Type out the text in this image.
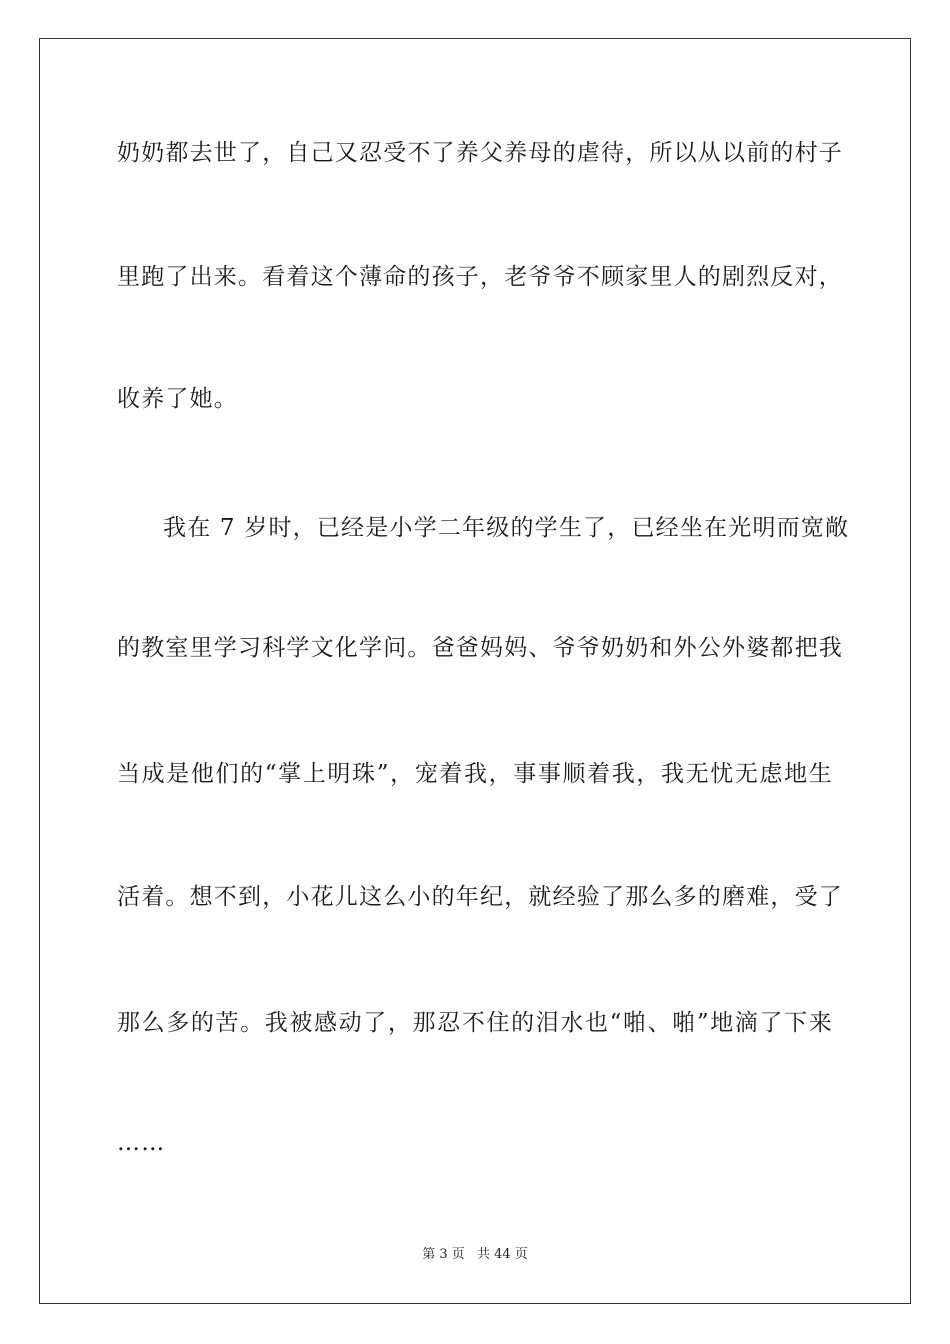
奶奶都去世了，自己又忍受不了养父养母的虐待，所以从以前的村子
里跑了出来。看着这个薄命的孩子，老爷爷不顾家里人的剧烈反对，
收养了她。
我在 7 岁时，已经是小学二年级的学生了，已经坐在光明而宽敞
的教室里学习科学文化学问。爸爸妈妈、爷爷奶奶和外公外婆都把我
当成是他们的“掌上明珠”，宠着我，事事顺着我，我无忧无虑地生
活着。想不到，小花儿这么小的年纪，就经验了那么多的磨难，受了
那么多的苦。我被感动了，那忍不住的泪水也“啪、啪”地滴了下来
……
第 3 页 共 44 页
